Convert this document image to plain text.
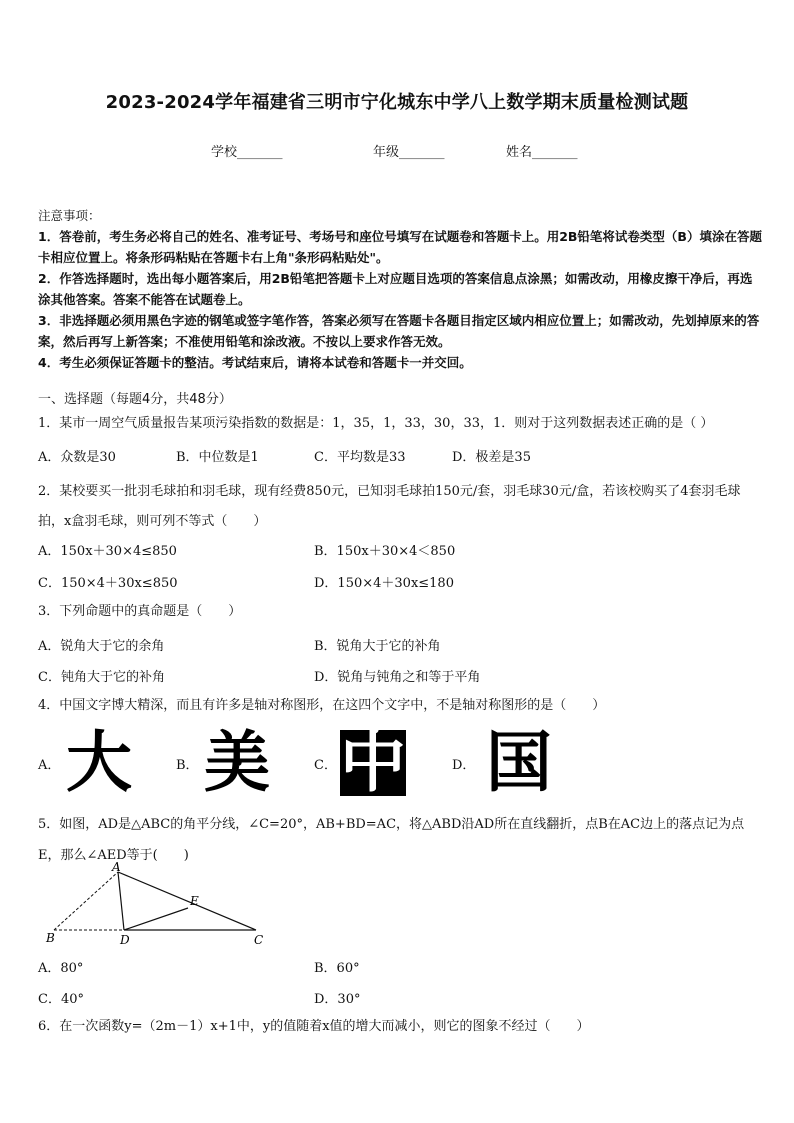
2023-2024学年福建省三明市宁化城东中学八上数学期末质量检测试题
学校_______	年级_______	姓名_______

注意事项：

1．答卷前，考生务必将自己的姓名、准考证号、考场号和座位号填写在试题卷和答题卡上。用2B铅笔将试卷类型（B）填涂在答题卡相应位置上。将条形码粘贴在答题卡右上角"条形码粘贴处"。

2．作答选择题时，选出每小题答案后，用2B铅笔把答题卡上对应题目选项的答案信息点涂黑；如需改动，用橡皮擦干净后，再选涂其他答案。答案不能答在试题卷上。

3．非选择题必须用黑色字迹的钢笔或签字笔作答，答案必须写在答题卡各题目指定区域内相应位置上；如需改动，先划掉原来的答案，然后再写上新答案；不准使用铅笔和涂改液。不按以上要求作答无效。

4．考生必须保证答题卡的整洁。考试结束后，请将本试卷和答题卡一并交回。

一、选择题（每题4分，共48分）
1．某市一周空气质量报告某项污染指数的数据是：1，35，1，33，30，33，1．则对于这列数据表述正确的是（ ）
A．众数是30	B．中位数是1	C．平均数是33	D．极差是35
2．某校要买一批羽毛球拍和羽毛球，现有经费850元，已知羽毛球拍150元/套，羽毛球30元/盒，若该校购买了4套羽毛球拍，x盒羽毛球，则可列不等式（　　）
A．150x＋30×4≤850	B．150x＋30×4＜850
C．150×4＋30x≤850	D．150×4＋30x≤180
3．下列命题中的真命题是（　　）
A．锐角大于它的余角	B．锐角大于它的补角
C．钝角大于它的补角	D．锐角与钝角之和等于平角
4．中国文字博大精深，而且有许多是轴对称图形，在这四个文字中，不是轴对称图形的是（　　）
A． 大	B． 美	C． 中	D． 国
5．如图，AD是△ABC的角平分线，∠C=20°，AB+BD=AC，将△ABD沿AD所在直线翻折，点B在AC边上的落点记为点E，那么∠AED等于(　　)
A
B	D	C
E
A．80°	B．60°
C．40°	D．30°
6．在一次函数y=（2m－1）x+1中，y的值随着x值的增大而减小，则它的图象不经过（　　）
